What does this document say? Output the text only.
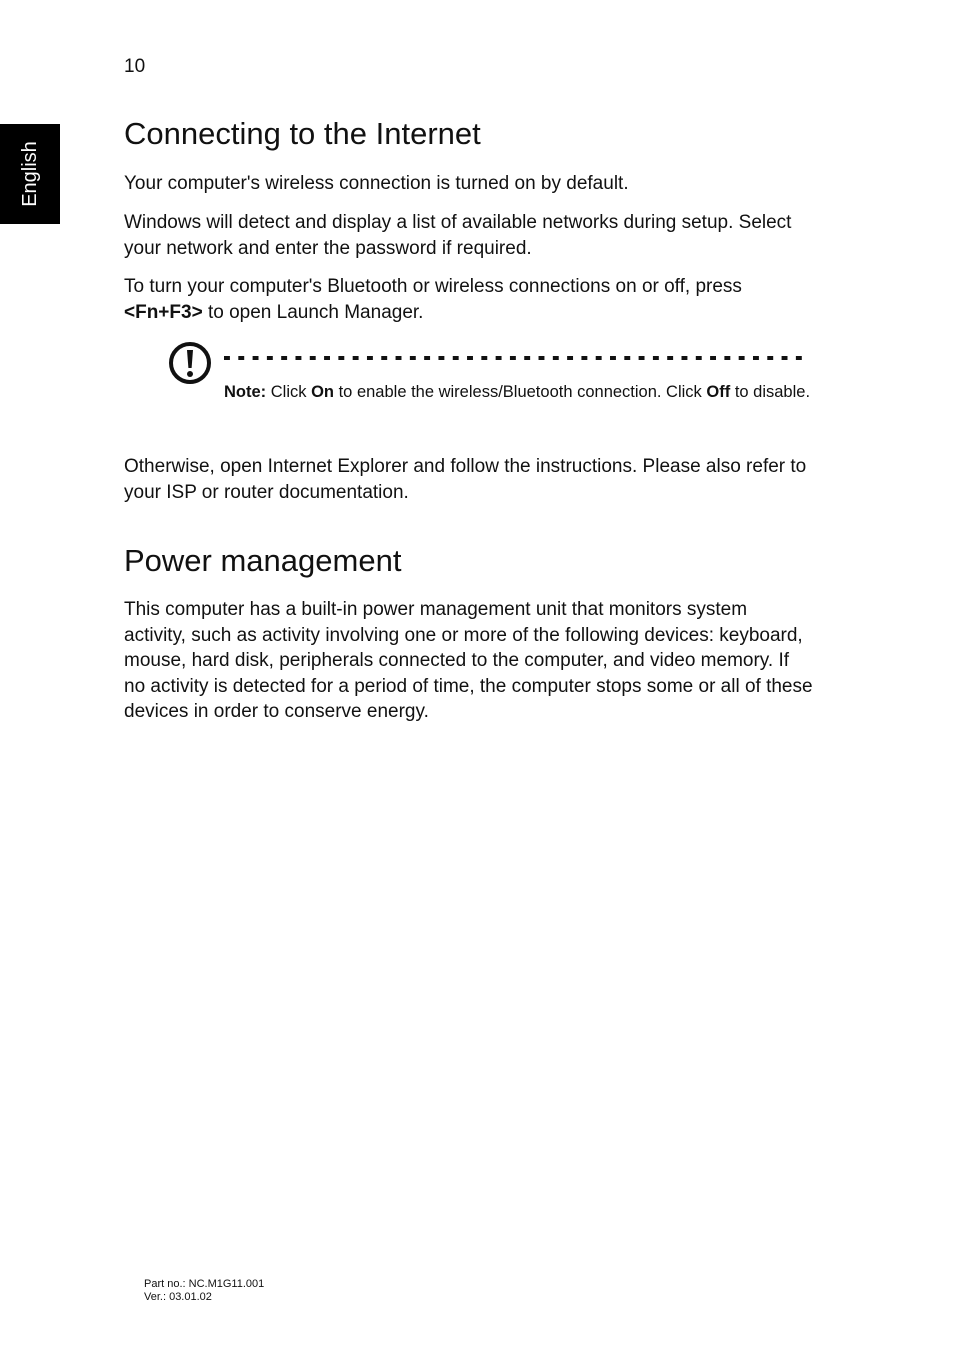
10
English
Connecting to the Internet

Your computer's wireless connection is turned on by default.

Windows will detect and display a list of available networks during setup. Select your network and enter the password if required.

To turn your computer's Bluetooth or wireless connections on or off, press <Fn+F3> to open Launch Manager.

Otherwise, open Internet Explorer and follow the instructions. Please also refer to your ISP or router documentation.

Power management

This computer has a built-in power management unit that monitors system activity, such as activity involving one or more of the following devices: keyboard, mouse, hard disk, peripherals connected to the computer, and video memory. If no activity is detected for a period of time, the computer stops some or all of these devices in order to conserve energy.

Note: Click On to enable the wireless/Bluetooth connection. Click Off to disable.

Part no.: NC.M1G11.001
Ver.: 03.01.02
